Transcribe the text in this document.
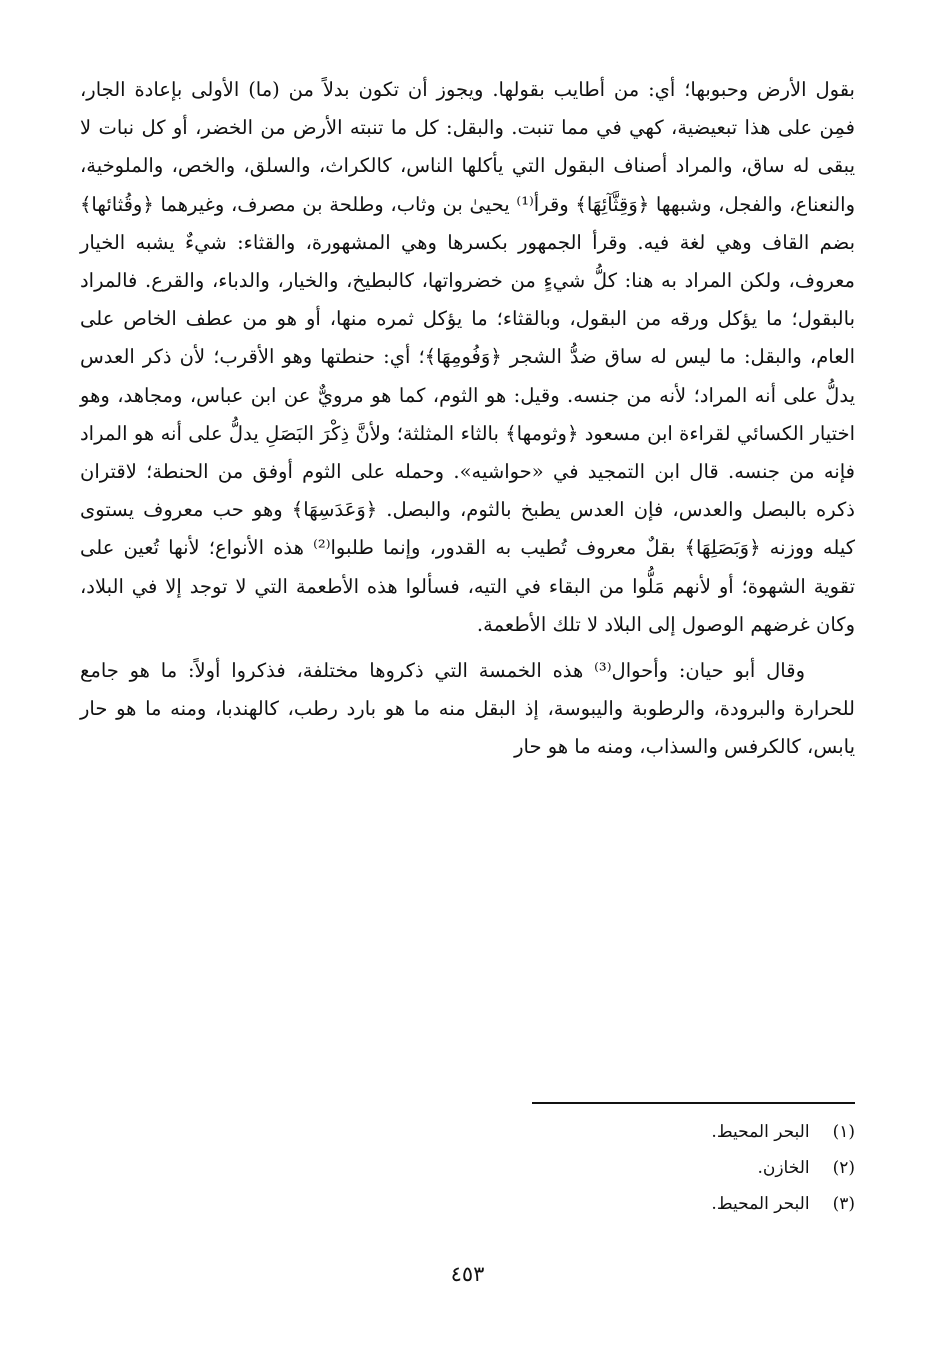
بقول الأرض وحبوبها؛ أي: من أطايب بقولها. ويجوز أن تكون بدلاً من (ما) الأولى بإعادة الجار، فمِن على هذا تبعيضية، كهي في مما تنبت. والبقل: كل ما تنبته الأرض من الخضر، أو كل نبات لا يبقى له ساق، والمراد أصناف البقول التي يأكلها الناس، كالكراث، والسلق، والخص، والملوخية، والنعناع، والفجل، وشبهها ﴿وَقِثَّآئِهَا﴾ وقرأ⁽¹⁾ يحيىٰ بن وثاب، وطلحة بن مصرف، وغيرهما ﴿وقُثائها﴾ بضم القاف وهي لغة فيه. وقرأ الجمهور بكسرها وهي المشهورة، والقثاء: شيءٌ يشبه الخيار معروف، ولكن المراد به هنا: كلُّ شيءٍ من خضرواتها، كالبطيخ، والخيار، والدباء، والقرع. فالمراد بالبقول؛ ما يؤكل ورقه من البقول، وبالقثاء؛ ما يؤكل ثمره منها، أو هو من عطف الخاص على العام، والبقل: ما ليس له ساق ضدُّ الشجر ﴿وَفُومِهَا﴾؛ أي: حنطتها وهو الأقرب؛ لأن ذكر العدس يدلُّ على أنه المراد؛ لأنه من جنسه. وقيل: هو الثوم، كما هو مرويٌّ عن ابن عباس، ومجاهد، وهو اختيار الكسائي لقراءة ابن مسعود ﴿وثومها﴾ بالثاء المثلثة؛ ولأنَّ ذِكْرَ البَصَلِ يدلُّ على أنه هو المراد فإنه من جنسه. قال ابن التمجيد في «حواشيه». وحمله على الثوم أوفق من الحنطة؛ لاقتران ذكره بالبصل والعدس، فإن العدس يطبخ بالثوم، والبصل. ﴿وَعَدَسِهَا﴾ وهو حب معروف يستوى كيله ووزنه ﴿وَبَصَلِهَا﴾ بقلٌ معروف تُطيب به القدور، وإنما طلبوا⁽²⁾ هذه الأنواع؛ لأنها تُعين على تقوية الشهوة؛ أو لأنهم مَلُّوا من البقاء في التيه، فسألوا هذه الأطعمة التي لا توجد إلا في البلاد، وكان غرضهم الوصول إلى البلاد لا تلك الأطعمة.

وقال أبو حيان: وأحوال⁽³⁾ هذه الخمسة التي ذكروها مختلفة، فذكروا أولاً: ما هو جامع للحرارة والبرودة، والرطوبة واليبوسة، إذ البقل منه ما هو بارد رطب، كالهندبا، ومنه ما هو حار يابس، كالكرفس والسذاب، ومنه ما هو حار

(١) البحر المحيط.
(٢) الخازن.
(٣) البحر المحيط.
٤٥٣
